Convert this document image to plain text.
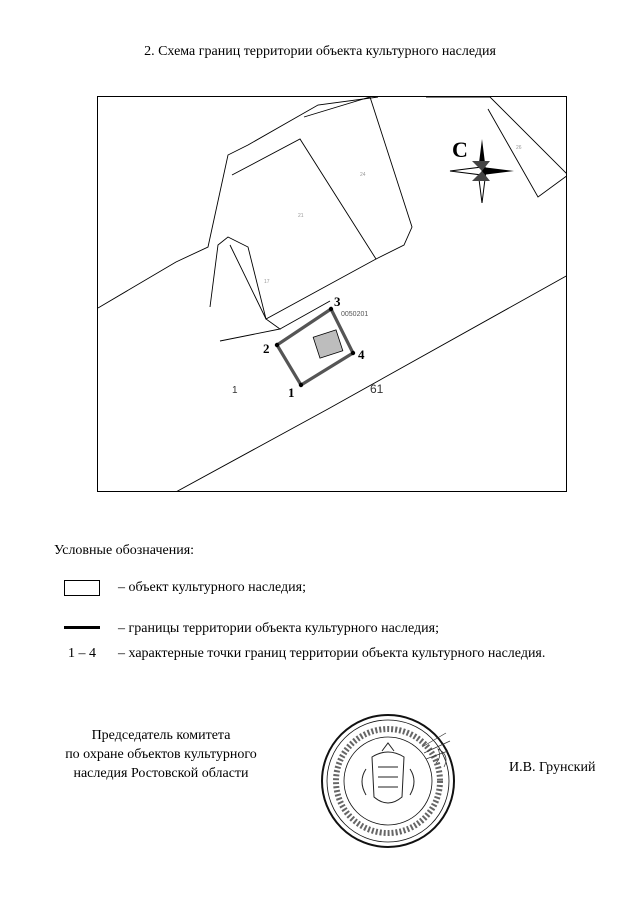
2. Схема границ территории объекта культурного наследия
1
2
3
4
0050201
1	61
17
21
24
26
С
Условные обозначения:
– объект культурного наследия;
– границы территории объекта культурного наследия;
1 – 4	– характерные точки границ территории объекта культурного наследия.
Председатель комитета
по охране объектов культурного
наследия Ростовской области	И.В. Грунский
